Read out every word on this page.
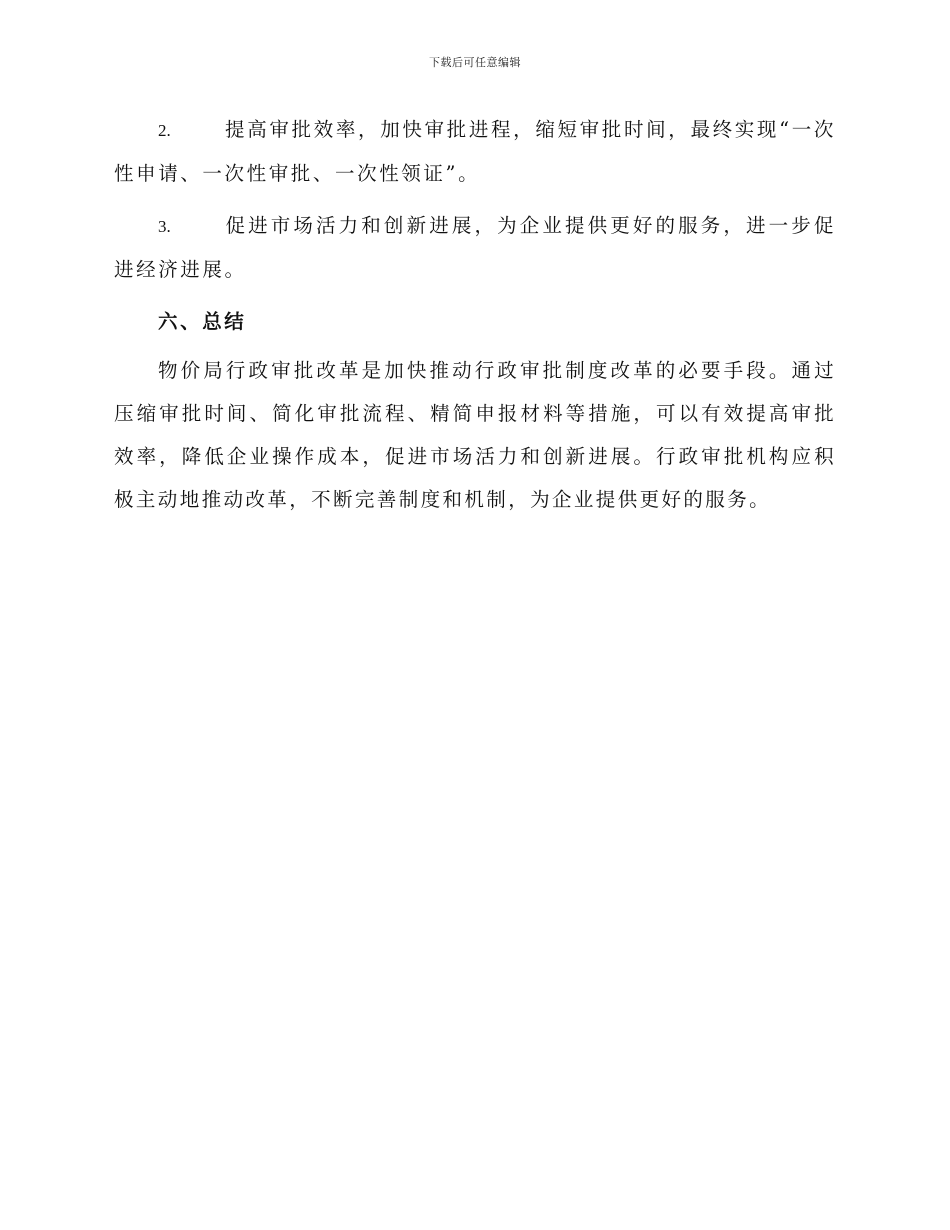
下载后可任意编辑

2.	提高审批效率，加快审批进程，缩短审批时间，最终实现“一次性申请、一次性审批、一次性领证”。

3.	促进市场活力和创新进展，为企业提供更好的服务，进一步促进经济进展。

六、总结

物价局行政审批改革是加快推动行政审批制度改革的必要手段。通过压缩审批时间、简化审批流程、精简申报材料等措施，可以有效提高审批效率，降低企业操作成本，促进市场活力和创新进展。行政审批机构应积极主动地推动改革，不断完善制度和机制，为企业提供更好的服务。
